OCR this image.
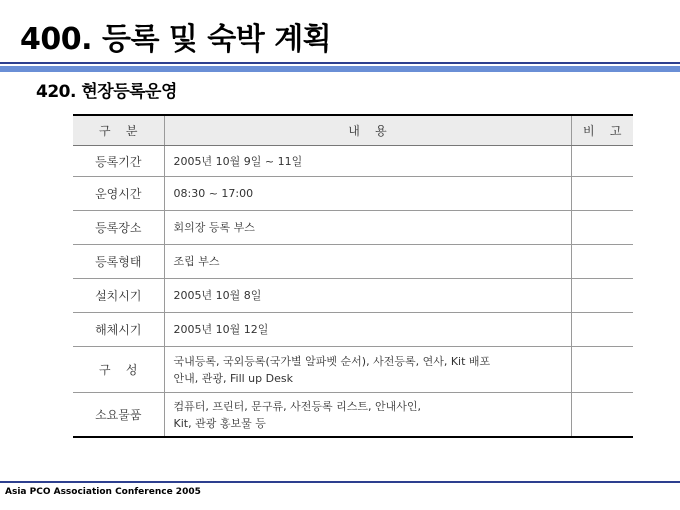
400. 등록 및 숙박 계획
420. 현장등록운영
구    분	내    용	비    고
등록기간	2005년 10월 9일 ~ 11일	

운영시간	08:30 ~ 17:00	

등록장소	회의장 등록 부스	

등록형태	조립 부스	

설치시기	2005년 10월 8일	

해체시기	2005년 10월 12일	

구    성	국내등록, 국외등록(국가별 알파벳 순서), 사전등록, 연사, Kit 배포
안내, 관광, Fill up Desk	

소요물품	컴퓨터, 프린터, 문구류, 사전등록 리스트, 안내사인,
Kit, 관광 홍보물 등	

Asia PCO Association Conference 2005
